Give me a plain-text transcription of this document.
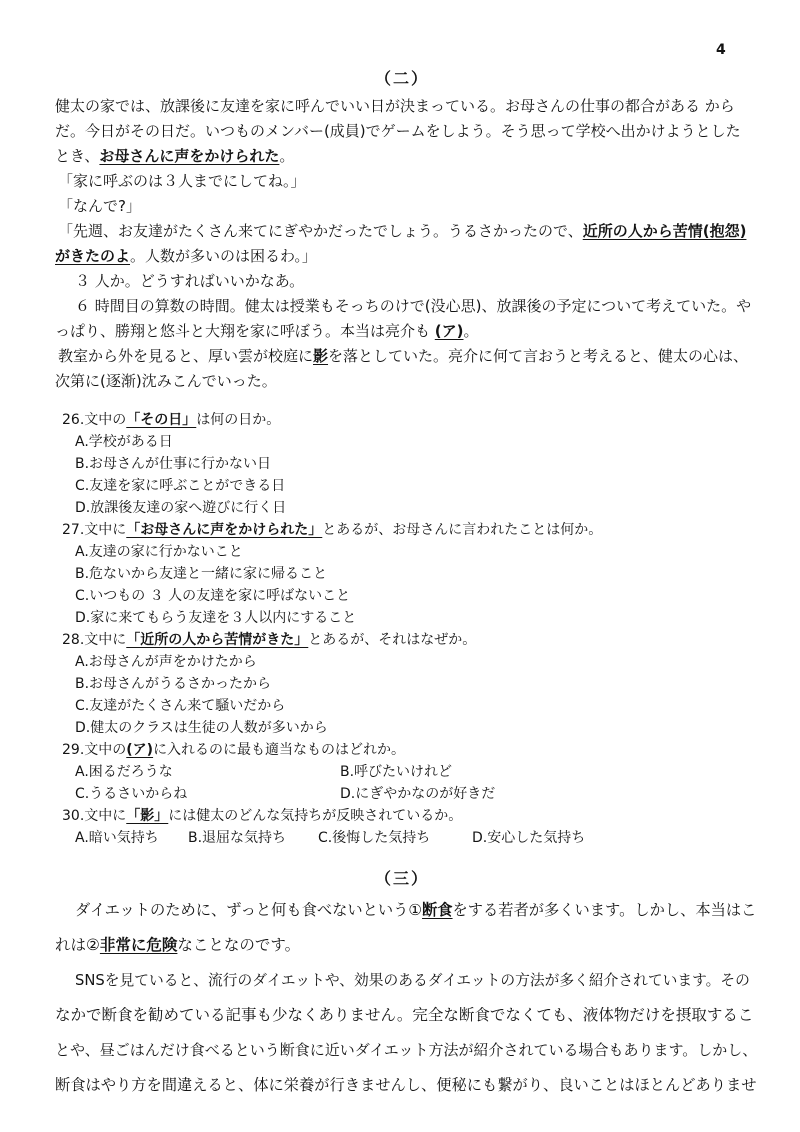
4
（二）
健太の家では、放課後に友達を家に呼んでいい日が決まっている。お母さんの仕事の都合がある から
だ。今日がその日だ。いつものメンバー(成員)でゲームをしよう。そう思って学校へ出かけようとした
とき、お母さんに声をかけられた。
「家に呼ぶのは３人までにしてね。」
「なんで?」
「先週、お友達がたくさん来てにぎやかだったでしょう。うるさかったので、近所の人から苦情(抱怨)
がきたのよ。人数が多いのは困るわ。」
３ 人か。どうすればいいかなあ。
６ 時間目の算数の時間。健太は授業もそっちのけで(没心思)、放課後の予定について考えていた。や
っぱり、勝翔と悠斗と大翔を家に呼ぼう。本当は亮介も (ア)。
教室から外を見ると、厚い雲が校庭に影を落としていた。亮介に何て言おうと考えると、健太の心は、
次第に(逐渐)沈みこんでいった。
26.文中の「その日」は何の日か。
A.学校がある日
B.お母さんが仕事に行かない日
C.友達を家に呼ぶことができる日
D.放課後友達の家へ遊びに行く日
27.文中に「お母さんに声をかけられた」とあるが、お母さんに言われたことは何か。
A.友達の家に行かないこと
B.危ないから友達と一緒に家に帰ること
C.いつもの ３ 人の友達を家に呼ばないこと
D.家に来てもらう友達を３人以内にすること
28.文中に「近所の人から苦情がきた」とあるが、それはなぜか。
A.お母さんが声をかけたから
B.お母さんがうるさかったから
C.友達がたくさん来て騒いだから
D.健太のクラスは生徒の人数が多いから
29.文中の(ア)に入れるのに最も適当なものはどれか。
A.困るだろうな	B.呼びたいけれど
C.うるさいからね	D.にぎやかなのが好きだ
30.文中に「影」には健太のどんな気持ちが反映されているか。
A.暗い気持ち B.退屈な気持ち C.後悔した気持ち	D.安心した気持ち
（三）
ダイエットのために、ずっと何も食べないという①断食をする若者が多くいます。しかし、本当はこ
れは②非常に危険なことなのです。
SNSを見ていると、流行のダイエットや、効果のあるダイエットの方法が多く紹介されています。その
なかで断食を勧めている記事も少なくありません。完全な断食でなくても、液体物だけを摂取するこ
とや、昼ごはんだけ食べるという断食に近いダイエット方法が紹介されている場合もあります。しかし、
断食はやり方を間違えると、体に栄養が行きませんし、便秘にも繋がり、良いことはほとんどありませ
